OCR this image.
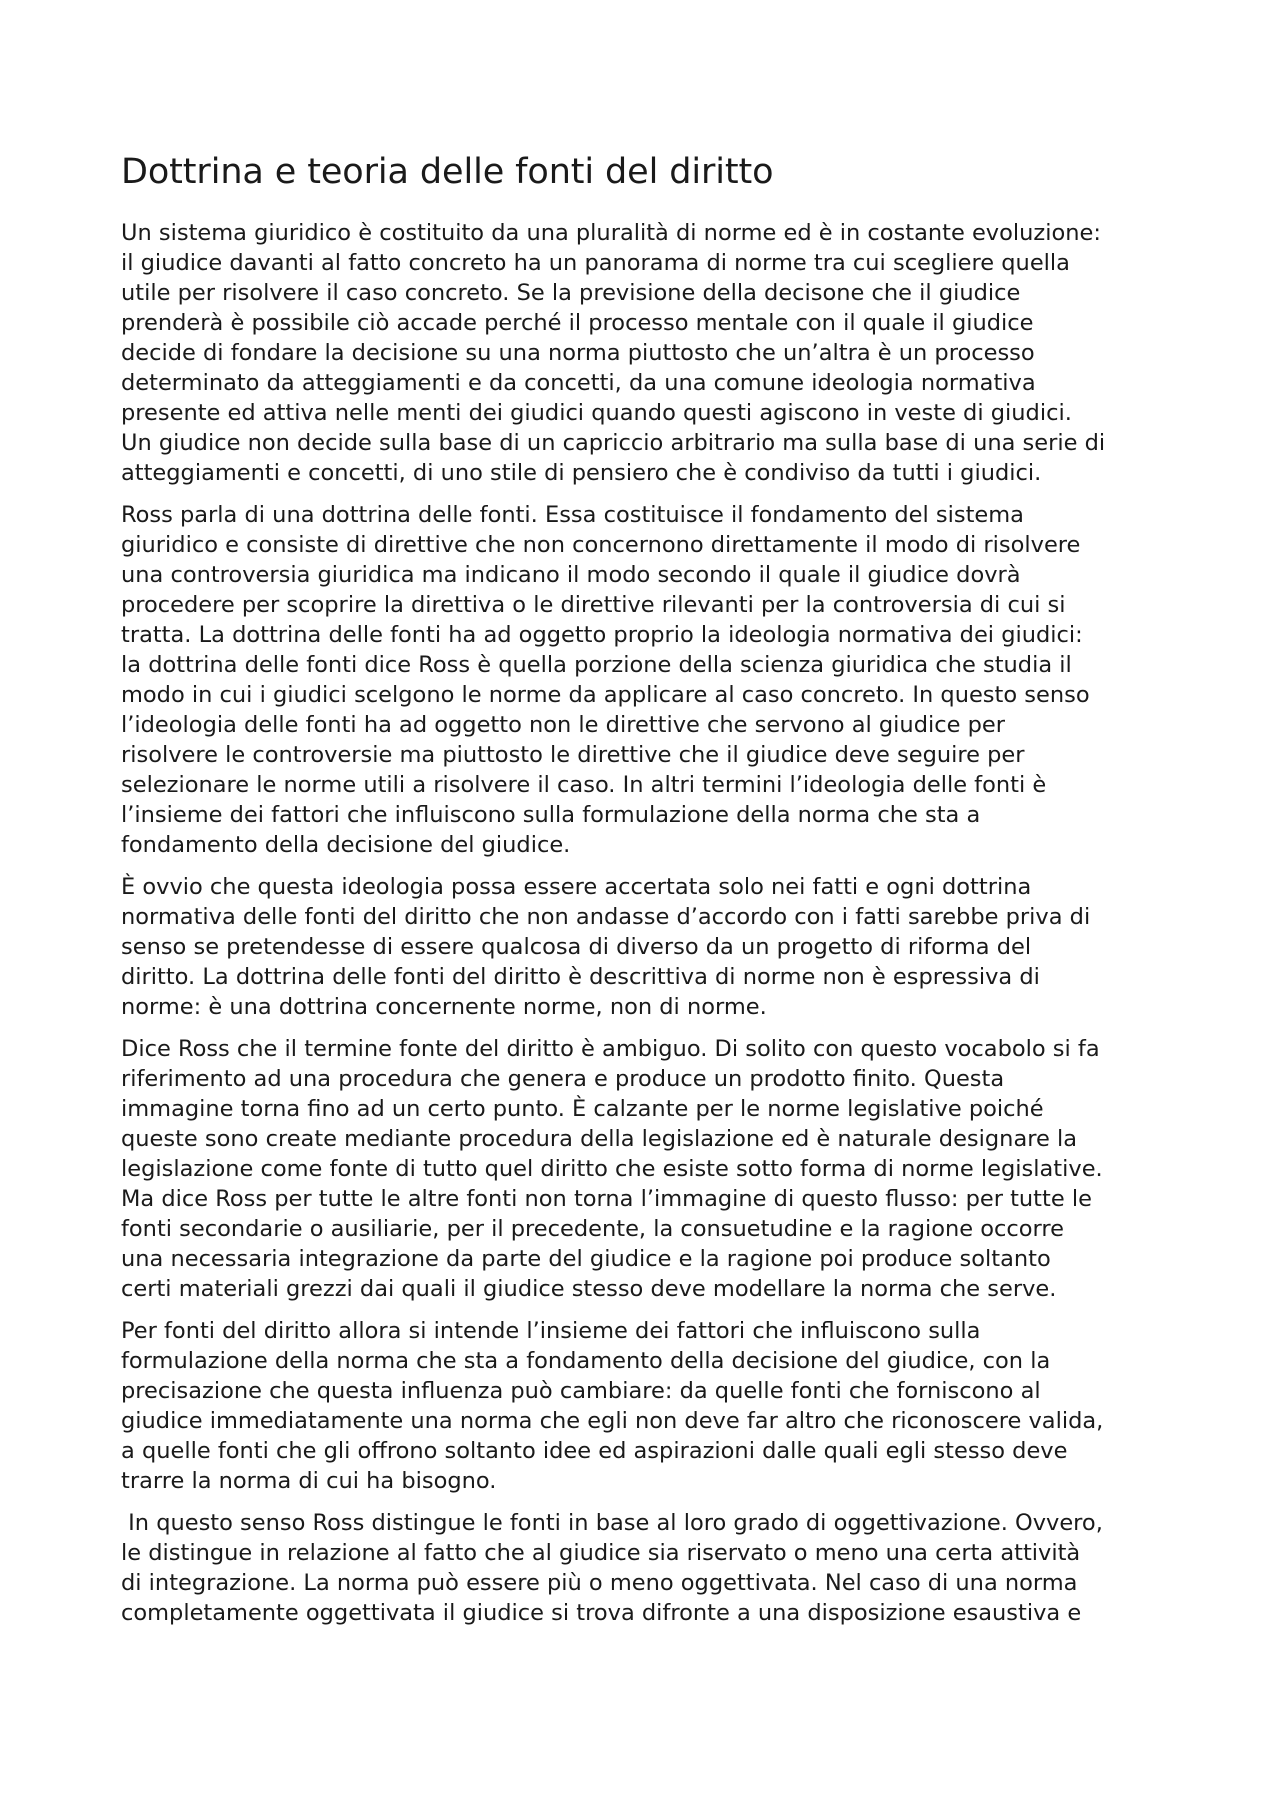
Dottrina e teoria delle fonti del diritto

Un sistema giuridico è costituito da una pluralità di norme ed è in costante evoluzione:
il giudice davanti al fatto concreto ha un panorama di norme tra cui scegliere quella
utile per risolvere il caso concreto. Se la previsione della decisone che il giudice
prenderà è possibile ciò accade perché il processo mentale con il quale il giudice
decide di fondare la decisione su una norma piuttosto che un’altra è un processo
determinato da atteggiamenti e da concetti, da una comune ideologia normativa
presente ed attiva nelle menti dei giudici quando questi agiscono in veste di giudici.
Un giudice non decide sulla base di un capriccio arbitrario ma sulla base di una serie di
atteggiamenti e concetti, di uno stile di pensiero che è condiviso da tutti i giudici.

Ross parla di una dottrina delle fonti. Essa costituisce il fondamento del sistema
giuridico e consiste di direttive che non concernono direttamente il modo di risolvere
una controversia giuridica ma indicano il modo secondo il quale il giudice dovrà
procedere per scoprire la direttiva o le direttive rilevanti per la controversia di cui si
tratta. La dottrina delle fonti ha ad oggetto proprio la ideologia normativa dei giudici:
la dottrina delle fonti dice Ross è quella porzione della scienza giuridica che studia il
modo in cui i giudici scelgono le norme da applicare al caso concreto. In questo senso
l’ideologia delle fonti ha ad oggetto non le direttive che servono al giudice per
risolvere le controversie ma piuttosto le direttive che il giudice deve seguire per
selezionare le norme utili a risolvere il caso. In altri termini l’ideologia delle fonti è
l’insieme dei fattori che influiscono sulla formulazione della norma che sta a
fondamento della decisione del giudice.

È ovvio che questa ideologia possa essere accertata solo nei fatti e ogni dottrina
normativa delle fonti del diritto che non andasse d’accordo con i fatti sarebbe priva di
senso se pretendesse di essere qualcosa di diverso da un progetto di riforma del
diritto. La dottrina delle fonti del diritto è descrittiva di norme non è espressiva di
norme: è una dottrina concernente norme, non di norme.

Dice Ross che il termine fonte del diritto è ambiguo. Di solito con questo vocabolo si fa
riferimento ad una procedura che genera e produce un prodotto finito. Questa
immagine torna fino ad un certo punto. È calzante per le norme legislative poiché
queste sono create mediante procedura della legislazione ed è naturale designare la
legislazione come fonte di tutto quel diritto che esiste sotto forma di norme legislative.
Ma dice Ross per tutte le altre fonti non torna l’immagine di questo flusso: per tutte le
fonti secondarie o ausiliarie, per il precedente, la consuetudine e la ragione occorre
una necessaria integrazione da parte del giudice e la ragione poi produce soltanto
certi materiali grezzi dai quali il giudice stesso deve modellare la norma che serve.

Per fonti del diritto allora si intende l’insieme dei fattori che influiscono sulla
formulazione della norma che sta a fondamento della decisione del giudice, con la
precisazione che questa influenza può cambiare: da quelle fonti che forniscono al
giudice immediatamente una norma che egli non deve far altro che riconoscere valida,
a quelle fonti che gli offrono soltanto idee ed aspirazioni dalle quali egli stesso deve
trarre la norma di cui ha bisogno.

In questo senso Ross distingue le fonti in base al loro grado di oggettivazione. Ovvero,
le distingue in relazione al fatto che al giudice sia riservato o meno una certa attività
di integrazione. La norma può essere più o meno oggettivata. Nel caso di una norma
completamente oggettivata il giudice si trova difronte a una disposizione esaustiva e
